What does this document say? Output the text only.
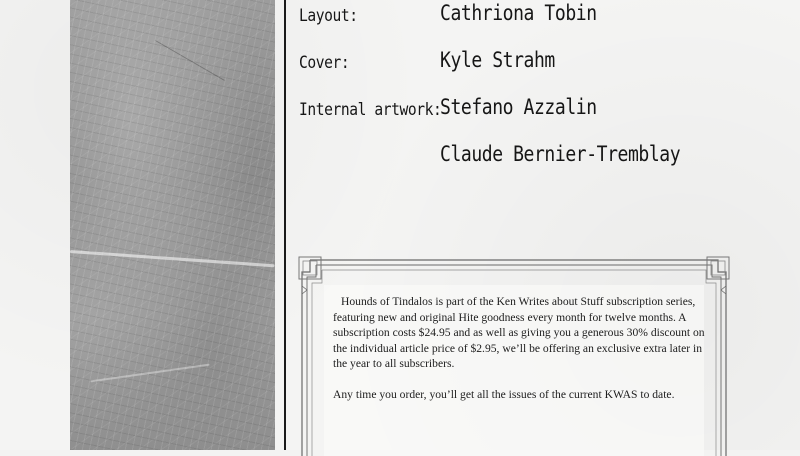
Layout:	Cathriona Tobin
Cover:	Kyle Strahm
Internal artwork:
Stefano Azzalin
Claude Bernier-Tremblay

Hounds of Tindalos is part of the Ken Writes about Stuff subscription series, featuring new and original Hite goodness every month for twelve months. A subscription costs $24.95 and as well as giving you a generous 30% discount on the individual article price of $2.95, we’ll be offering an exclusive extra later in the year to all subscribers.

Any time you order, you’ll get all the issues of the current KWAS to date.
